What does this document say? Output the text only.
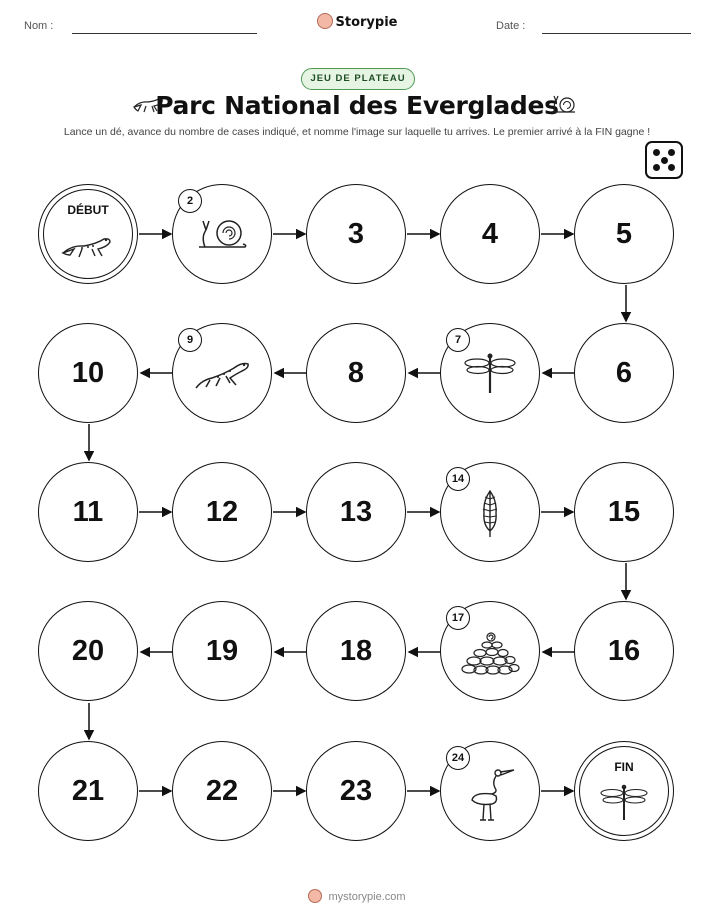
Nom :	Storypie	Date :
JEU DE PLATEAU
Parc National des Everglades
Lance un dé, avance du nombre de cases indiqué, et nomme l'image sur laquelle tu arrives. Le premier arrivé à la FIN gagne !
DÉBUT
2
3	4	5
6
7
8
9
10
11	12	13
14
15
16
17
18
19
20
21	22	23
24
FIN
mystorypie.com
